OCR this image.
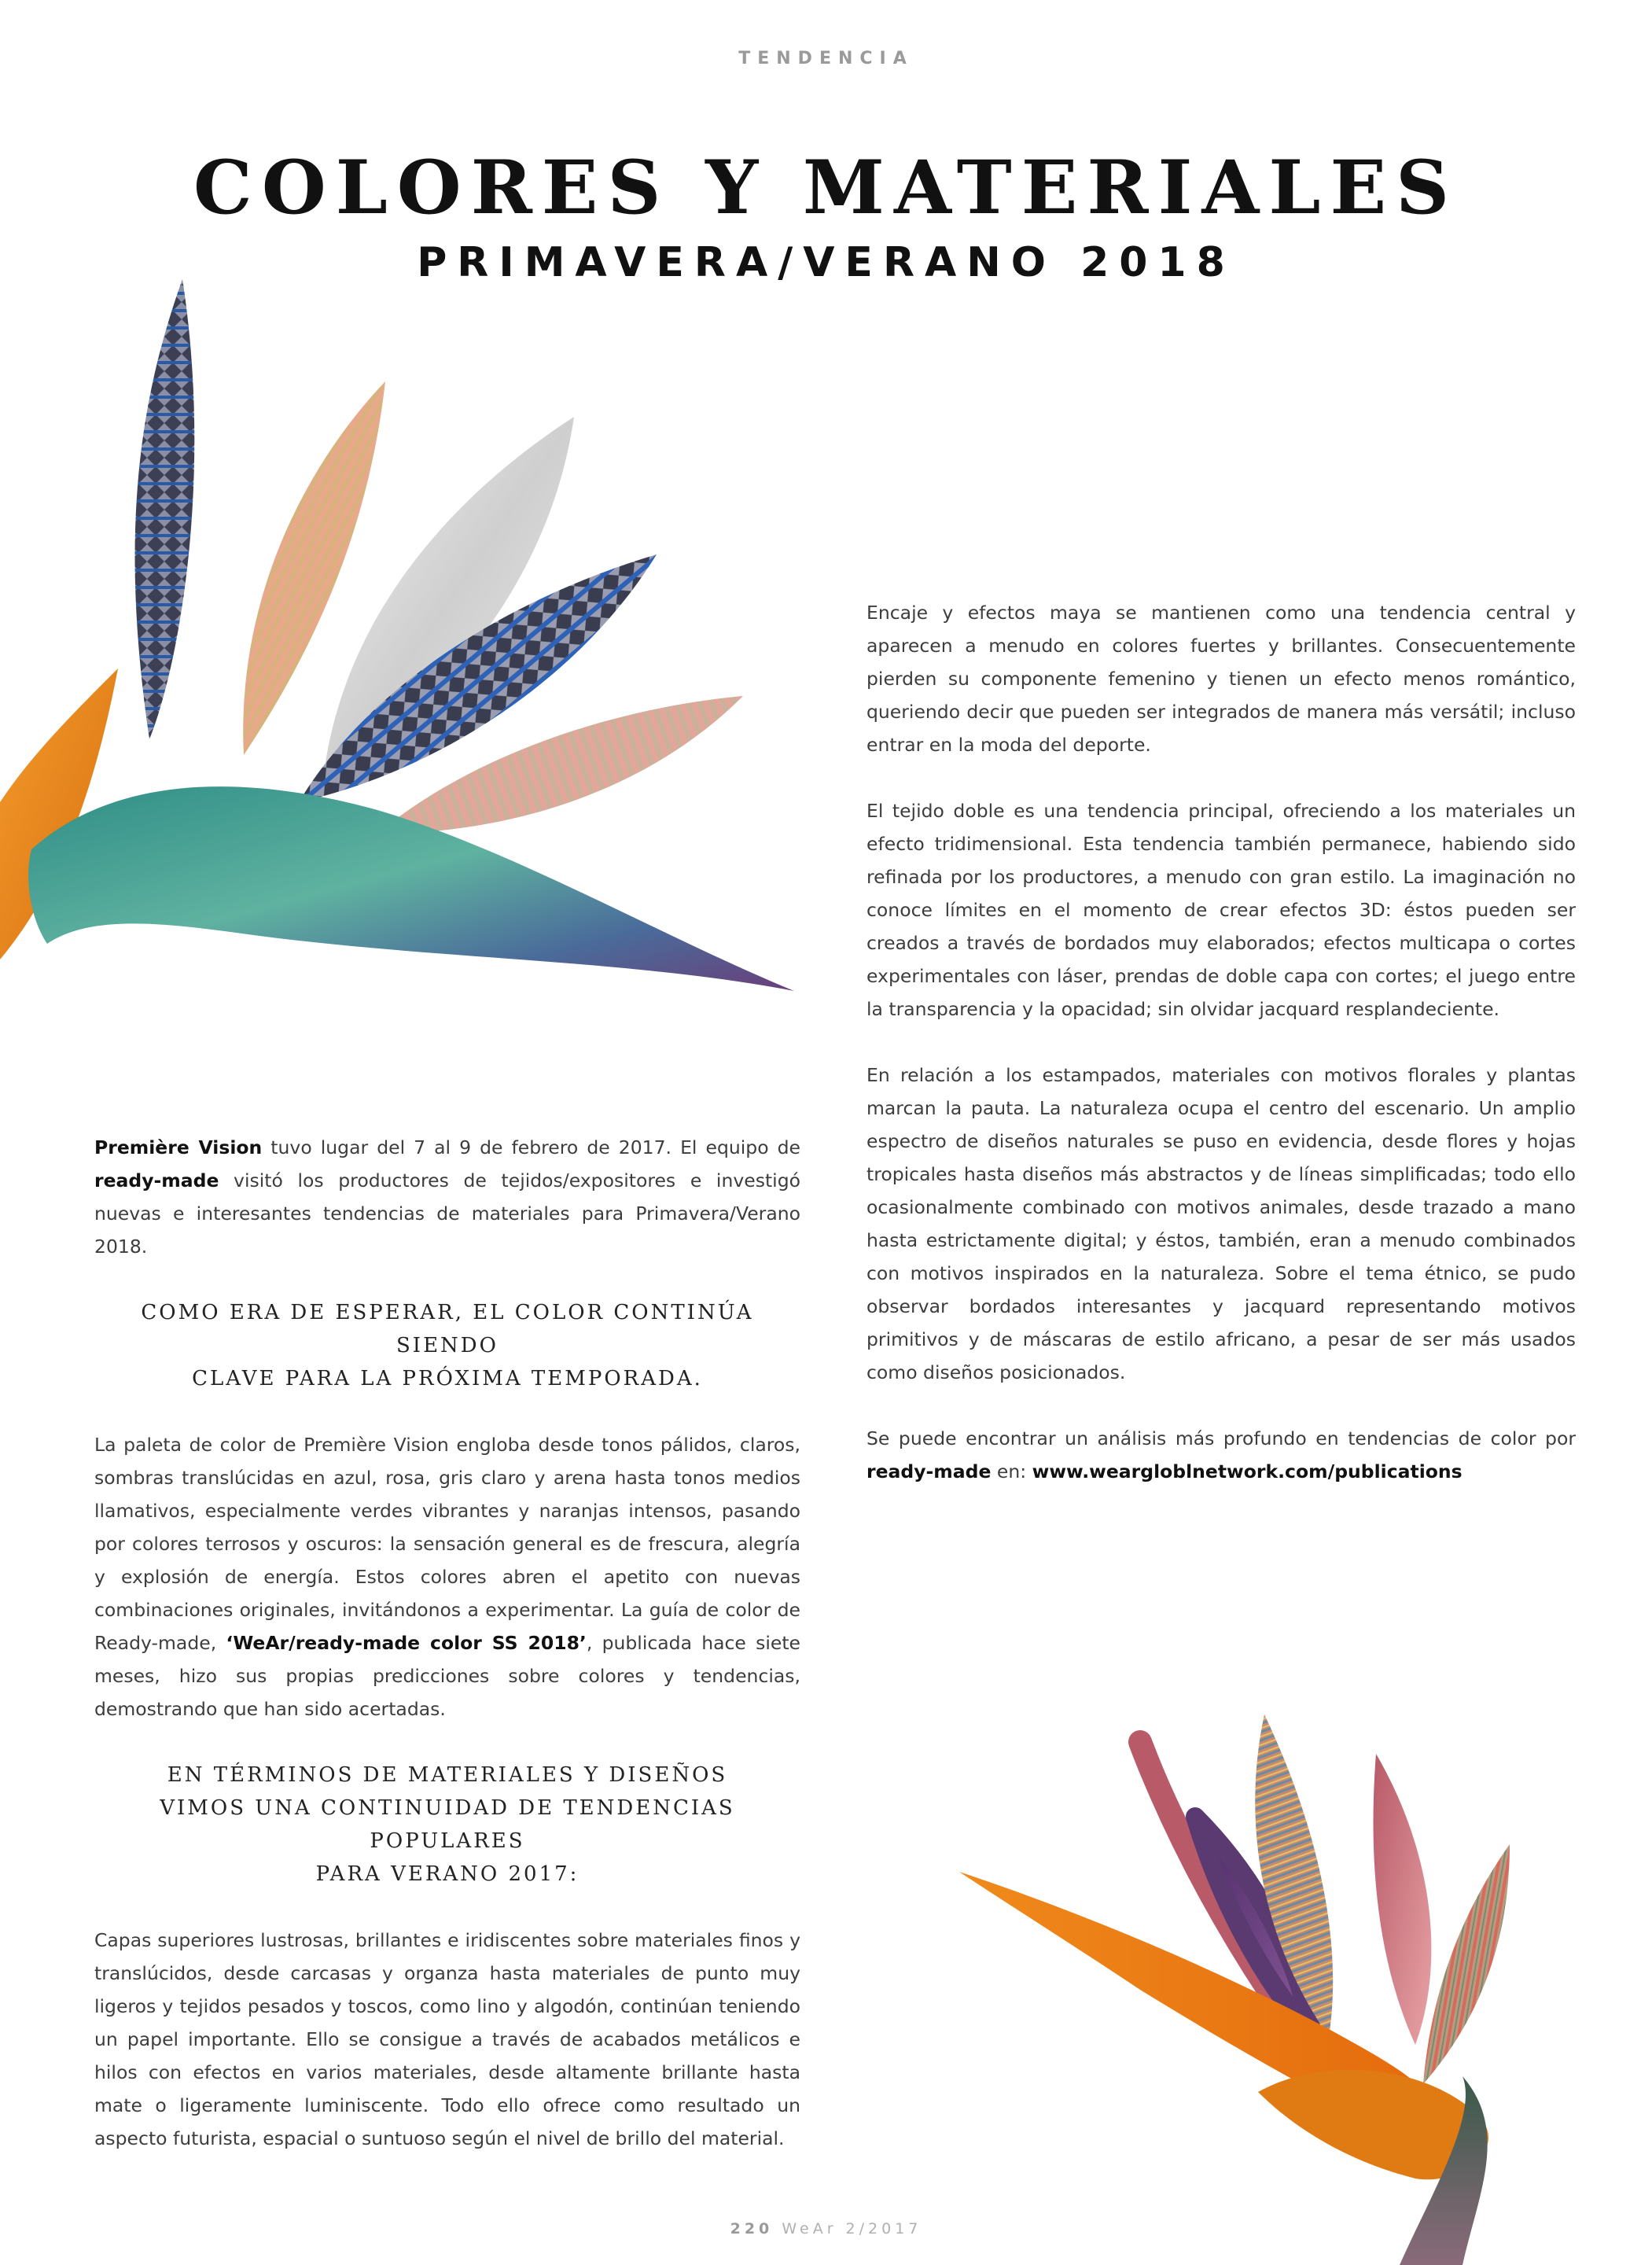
TENDENCIA
COLORES Y MATERIALES
PRIMAVERA/VERANO 2018

Première Vision tuvo lugar del 7 al 9 de febrero de 2017. El equipo de ready-made visitó los productores de tejidos/expositores e investigó nuevas e interesantes tendencias de materiales para Primavera/Verano 2018.

COMO ERA DE ESPERAR, EL COLOR CONTINÚA SIENDO
CLAVE PARA LA PRÓXIMA TEMPORADA.

La paleta de color de Première Vision engloba desde tonos pálidos, claros, sombras translúcidas en azul, rosa, gris claro y arena hasta tonos medios llamativos, especialmente verdes vibrantes y naranjas intensos, pasando por colores terrosos y oscuros: la sensación general es de frescura, alegría y explosión de energía. Estos colores abren el apetito con nuevas combinaciones originales, invitándonos a experimentar. La guía de color de Ready-made, ‘WeAr/ready-made color SS 2018’, publicada hace siete meses, hizo sus propias predicciones sobre colores y tendencias, demostrando que han sido acertadas.

EN TÉRMINOS DE MATERIALES Y DISEÑOS
VIMOS UNA CONTINUIDAD DE TENDENCIAS POPULARES
PARA VERANO 2017:

Capas superiores lustrosas, brillantes e iridiscentes sobre materiales finos y translúcidos, desde carcasas y organza hasta materiales de punto muy ligeros y tejidos pesados y toscos, como lino y algodón, continúan teniendo un papel importante. Ello se consigue a través de acabados metálicos e hilos con efectos en varios materiales, desde altamente brillante hasta mate o ligeramente luminiscente. Todo ello ofrece como resultado un aspecto futurista, espacial o suntuoso según el nivel de brillo del material.

Encaje y efectos maya se mantienen como una tendencia central y aparecen a menudo en colores fuertes y brillantes. Consecuentemente pierden su componente femenino y tienen un efecto menos romántico, queriendo decir que pueden ser integrados de manera más versátil; incluso entrar en la moda del deporte.

El tejido doble es una tendencia principal, ofreciendo a los materiales un efecto tridimensional. Esta tendencia también permanece, habiendo sido refinada por los productores, a menudo con gran estilo. La imaginación no conoce límites en el momento de crear efectos 3D: éstos pueden ser creados a través de bordados muy elaborados; efectos multicapa o cortes experimentales con láser, prendas de doble capa con cortes; el juego entre la transparencia y la opacidad; sin olvidar jacquard resplandeciente.

En relación a los estampados, materiales con motivos florales y plantas marcan la pauta. La naturaleza ocupa el centro del escenario. Un amplio espectro de diseños naturales se puso en evidencia, desde flores y hojas tropicales hasta diseños más abstractos y de líneas simplificadas; todo ello ocasionalmente combinado con motivos animales, desde trazado a mano hasta estrictamente digital; y éstos, también, eran a menudo combinados con motivos inspirados en la naturaleza. Sobre el tema étnico, se pudo observar bordados interesantes y jacquard representando motivos primitivos y de máscaras de estilo africano, a pesar de ser más usados como diseños posicionados.

Se puede encontrar un análisis más profundo en tendencias de color por ready-made en: www.weargloblnetwork.com/publications

220 WeAr 2/2017
